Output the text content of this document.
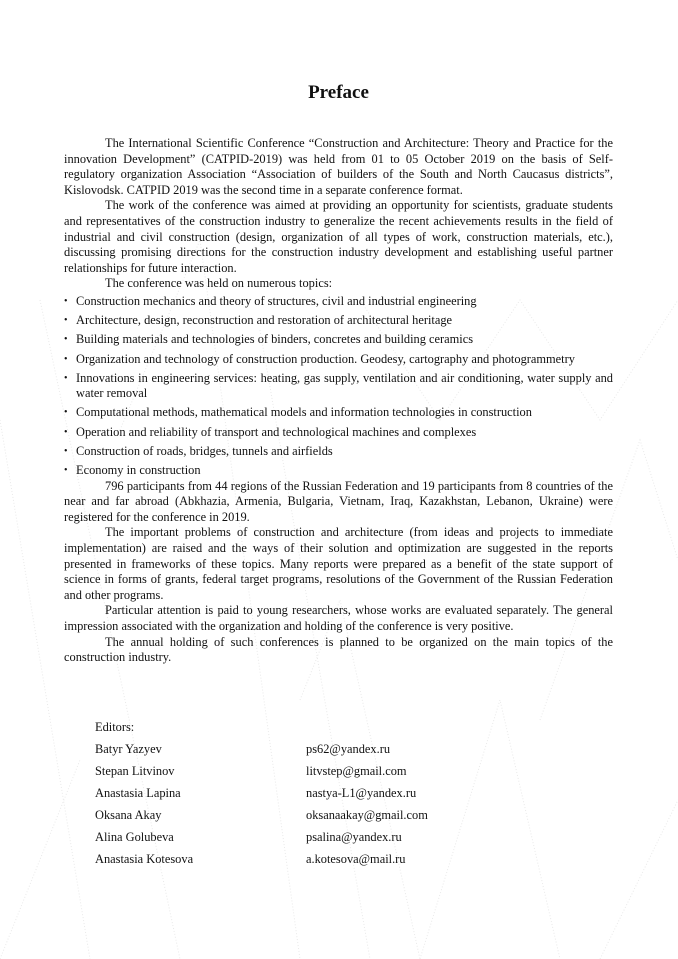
Preface

The International Scientific Conference “Construction and Architecture: Theory and Practice for the innovation Development” (CATPID-2019) was held from 01 to 05 October 2019 on the basis of Self-regulatory organization Association “Association of builders of the South and North Caucasus districts”, Kislovodsk. CATPID 2019 was the second time in a separate conference format.

The work of the conference was aimed at providing an opportunity for scientists, graduate students and representatives of the construction industry to generalize the recent achievements results in the field of industrial and civil construction (design, organization of all types of work, construction materials, etc.), discussing promising directions for the construction industry development and establishing useful partner relationships for future interaction.

The conference was held on numerous topics:

• Construction mechanics and theory of structures, civil and industrial engineering
• Architecture, design, reconstruction and restoration of architectural heritage
• Building materials and technologies of binders, concretes and building ceramics
• Organization and technology of construction production. Geodesy, cartography and photogrammetry
• Innovations in engineering services: heating, gas supply, ventilation and air conditioning, water supply and water removal
• Computational methods, mathematical models and information technologies in construction
• Operation and reliability of transport and technological machines and complexes
• Construction of roads, bridges, tunnels and airfields
• Economy in construction

796 participants from 44 regions of the Russian Federation and 19 participants from 8 countries of the near and far abroad (Abkhazia, Armenia, Bulgaria, Vietnam, Iraq, Kazakhstan, Lebanon, Ukraine) were registered for the conference in 2019.

The important problems of construction and architecture (from ideas and projects to immediate implementation) are raised and the ways of their solution and optimization are suggested in the reports presented in frameworks of these topics. Many reports were prepared as a benefit of the state support of science in forms of grants, federal target programs, resolutions of the Government of the Russian Federation and other programs.

Particular attention is paid to young researchers, whose works are evaluated separately. The general impression associated with the organization and holding of the conference is very positive.

The annual holding of such conferences is planned to be organized on the main topics of the construction industry.

Editors:
Batyr Yazyev	ps62@yandex.ru
Stepan Litvinov	litvstep@gmail.com
Anastasia Lapina	nastya-L1@yandex.ru
Oksana Akay	oksanaakay@gmail.com
Alina Golubeva	psalina@yandex.ru
Anastasia Kotesova	a.kotesova@mail.ru
